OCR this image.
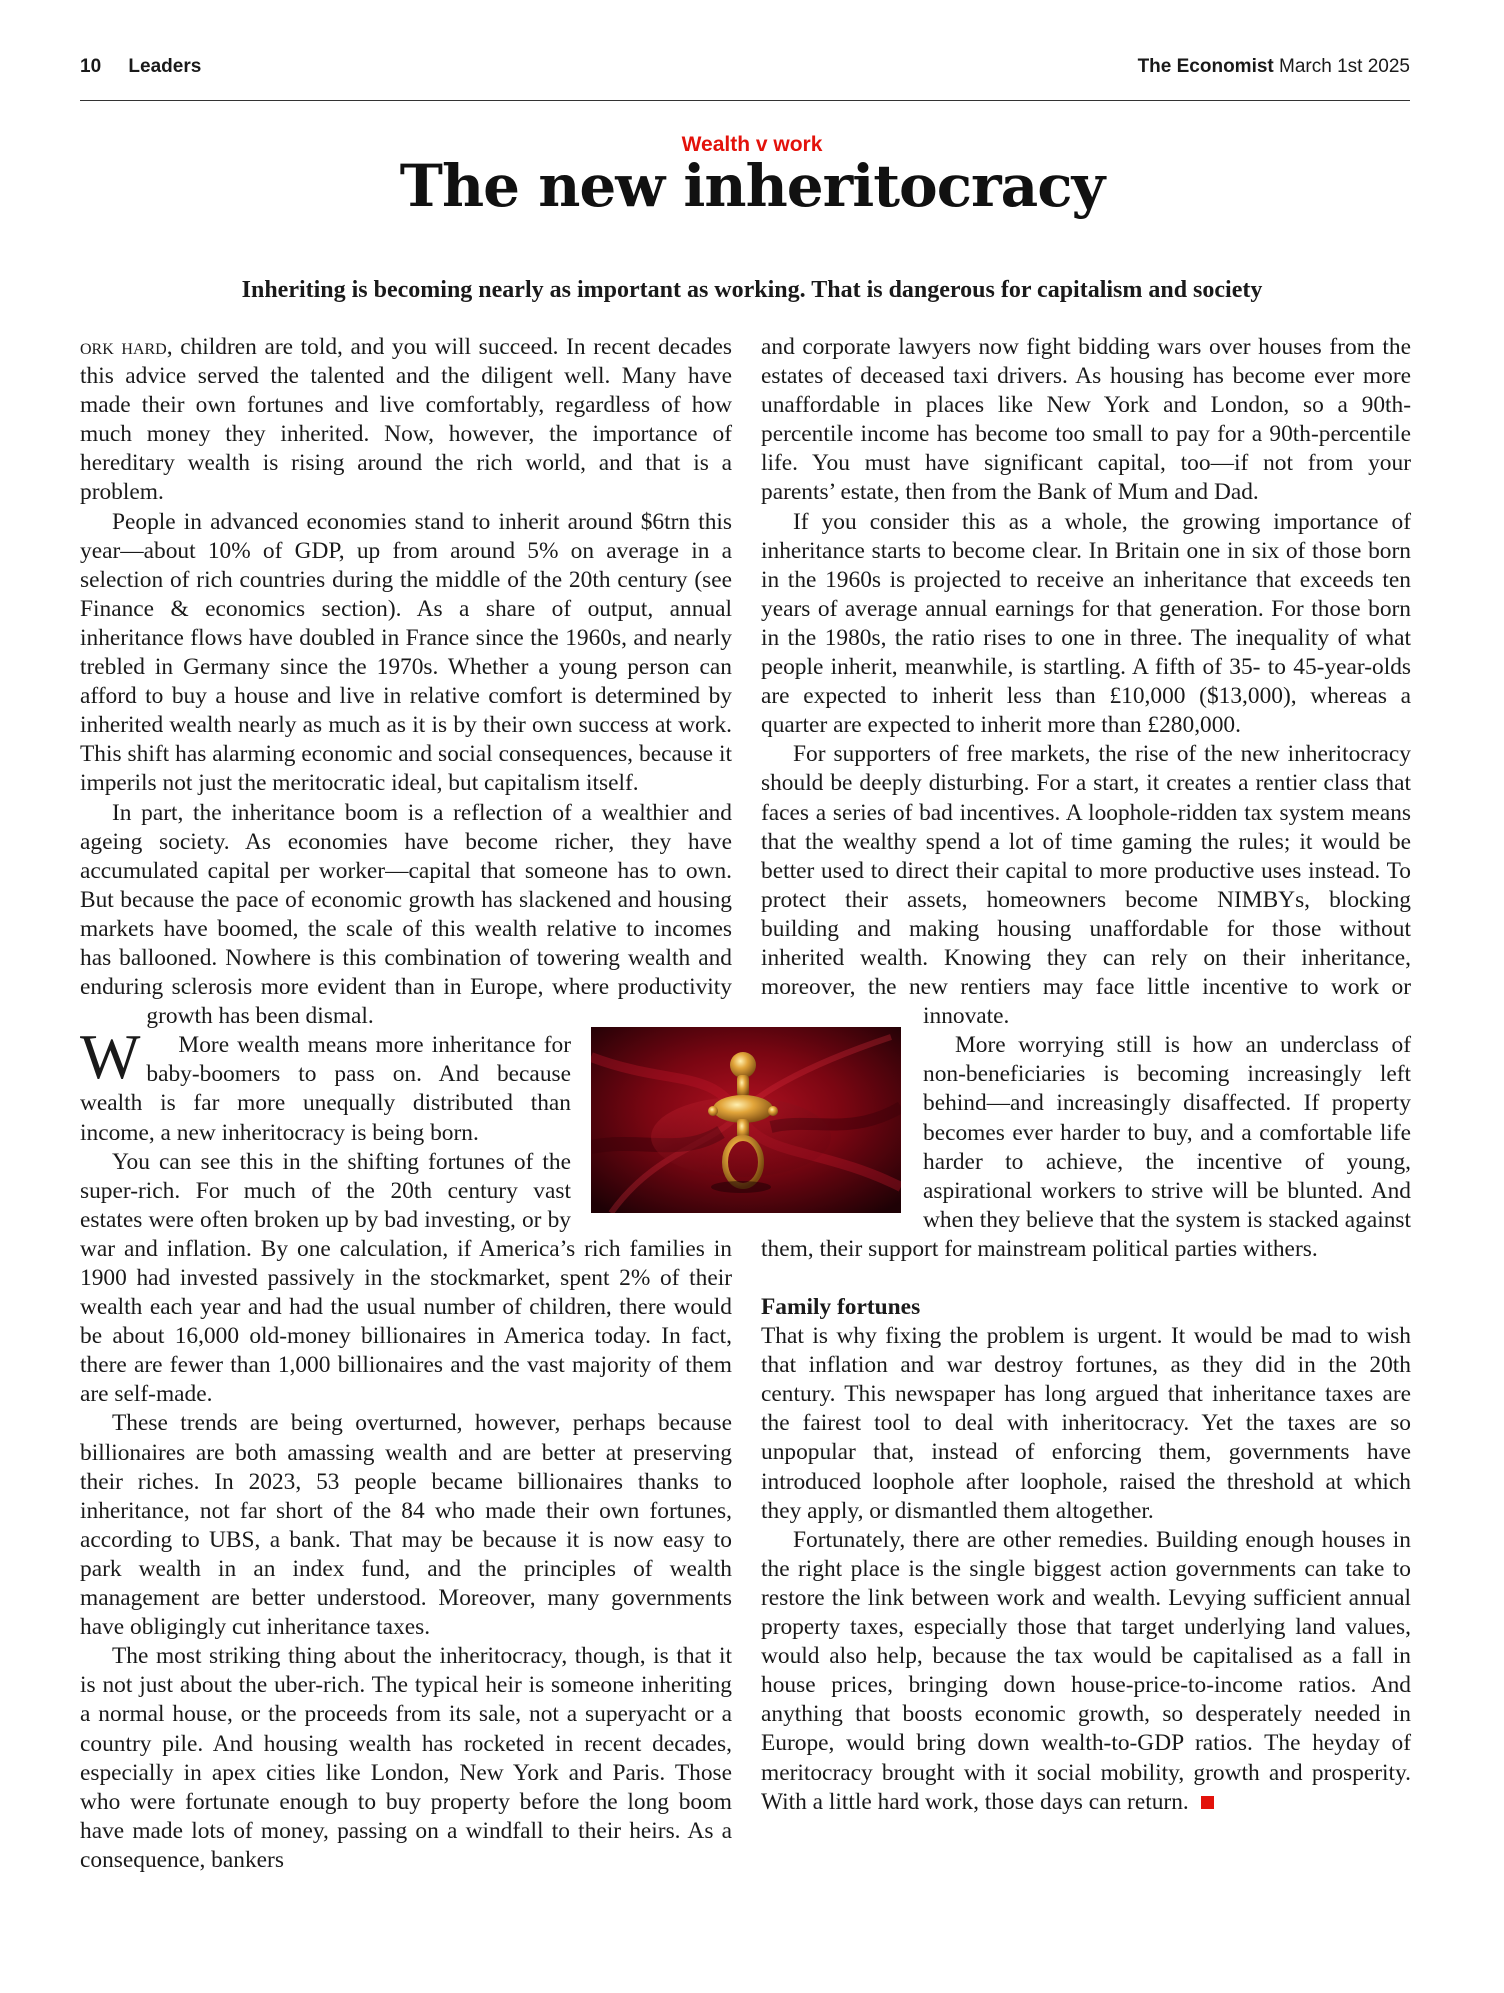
10 Leaders	The Economist March 1st 2025
Wealth v work
The new inheritocracy
Inheriting is becoming nearly as important as working. That is dangerous for capitalism and society

W
ork hard, children are told, and you will succeed. In recent decades this advice served the talented and the diligent well. Many have made their own fortunes and live comfortably, regardless of how much money they inherited. Now, however, the importance of hereditary wealth is rising around the rich world, and that is a problem.

People in advanced economies stand to inherit around $6trn this year—about 10% of GDP, up from around 5% on average in a selection of rich countries during the middle of the 20th century (see Finance & economics section). As a share of output, annual inheritance flows have doubled in France since the 1960s, and nearly trebled in Germany since the 1970s. Whether a young person can afford to buy a house and live in relative comfort is determined by inherited wealth nearly as much as it is by their own success at work. This shift has alarming economic and social consequences, because it imperils not just the meritocratic ideal, but capitalism itself.

In part, the inheritance boom is a reflection of a wealthier and ageing society. As economies have become richer, they have accumulated capital per worker—capital that someone has to own. But because the pace of economic growth has slackened and housing markets have boomed, the scale of this wealth relative to incomes has ballooned. Nowhere is this combination of towering wealth and enduring sclerosis more evident than in Europe, where productivity growth has been dismal.

More wealth means more inheritance for baby-boomers to pass on. And because wealth is far more unequally distributed than income, a new inheritocracy is being born.

You can see this in the shifting fortunes of the super-rich. For much of the 20th century vast estates were often broken up by bad investing, or by war and inflation. By one calculation, if America’s rich families in 1900 had invested passively in the stockmarket, spent 2% of their wealth each year and had the usual number of children, there would be about 16,000 old-money billionaires in America today. In fact, there are fewer than 1,000 billionaires and the vast majority of them are self-made.

These trends are being overturned, however, perhaps because billionaires are both amassing wealth and are better at preserving their riches. In 2023, 53 people became billionaires thanks to inheritance, not far short of the 84 who made their own fortunes, according to UBS, a bank. That may be because it is now easy to park wealth in an index fund, and the principles of wealth management are better understood. Moreover, many governments have obligingly cut inheritance taxes.

The most striking thing about the inheritocracy, though, is that it is not just about the uber-rich. The typical heir is someone inheriting a normal house, or the proceeds from its sale, not a superyacht or a country pile. And housing wealth has rocketed in recent decades, especially in apex cities like London, New York and Paris. Those who were fortunate enough to buy property before the long boom have made lots of money, passing on a windfall to their heirs. As a consequence, bankers

and corporate lawyers now fight bidding wars over houses from the estates of deceased taxi drivers. As housing has become ever more unaffordable in places like New York and London, so a 90th-percentile income has become too small to pay for a 90th-percentile life. You must have significant capital, too—if not from your parents’ estate, then from the Bank of Mum and Dad.

If you consider this as a whole, the growing importance of inheritance starts to become clear. In Britain one in six of those born in the 1960s is projected to receive an inheritance that exceeds ten years of average annual earnings for that generation. For those born in the 1980s, the ratio rises to one in three. The inequality of what people inherit, meanwhile, is startling. A fifth of 35- to 45-year-olds are expected to inherit less than £10,000 ($13,000), whereas a quarter are expected to inherit more than £280,000.

For supporters of free markets, the rise of the new inheritocracy should be deeply disturbing. For a start, it creates a rentier class that faces a series of bad incentives. A loophole-ridden tax system means that the wealthy spend a lot of time gaming the rules; it would be better used to direct their capital to more productive uses instead. To protect their assets, homeowners become NIMBYs, blocking building and making housing unaffordable for those without inherited wealth. Knowing they can rely on their inheritance, moreover, the new rentiers may face little incentive to work or innovate.

More worrying still is how an underclass of non-beneficiaries is becoming increasingly left behind—and increasingly disaffected. If property becomes ever harder to buy, and a comfortable life harder to achieve, the incentive of young, aspirational workers to strive will be blunted. And when they believe that the system is stacked against them, their support for mainstream political parties withers.

Family fortunes

That is why fixing the problem is urgent. It would be mad to wish that inflation and war destroy fortunes, as they did in the 20th century. This newspaper has long argued that inheritance taxes are the fairest tool to deal with inheritocracy. Yet the taxes are so unpopular that, instead of enforcing them, governments have introduced loophole after loophole, raised the threshold at which they apply, or dismantled them altogether.

Fortunately, there are other remedies. Building enough houses in the right place is the single biggest action governments can take to restore the link between work and wealth. Levying sufficient annual property taxes, especially those that target underlying land values, would also help, because the tax would be capitalised as a fall in house prices, bringing down house-price-to-income ratios. And anything that boosts economic growth, so desperately needed in Europe, would bring down wealth-to-GDP ratios. The heyday of meritocracy brought with it social mobility, growth and prosperity. With a little hard work, those days can return.
